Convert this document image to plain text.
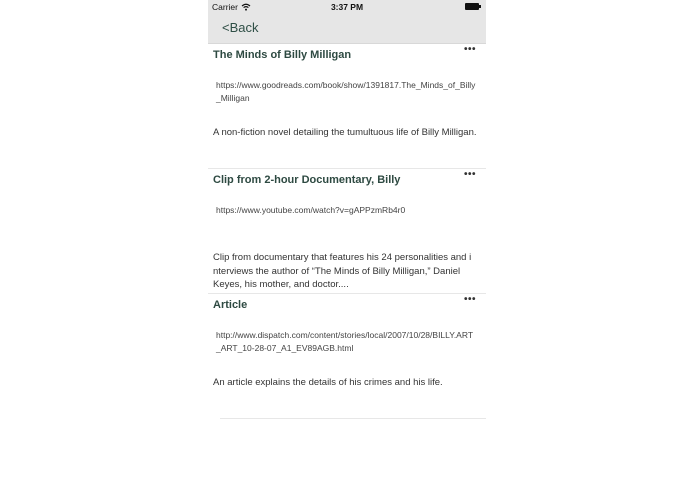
Carrier	3:37 PM
<Back
The Minds of Billy Milligan	•••
https://www.goodreads.com/book/show/1391817.The_Minds_of_Billy_Milligan
A non-fiction novel detailing the tumultuous life of Billy Milligan.
Clip from 2-hour Documentary, Billy	•••
https://www.youtube.com/watch?v=gAPPzmRb4r0
Clip from documentary that features his 24 personalities and i nterviews the author of “The Minds of Billy Milligan,” Daniel Keyes, his mother, and doctor....
Article	•••
http://www.dispatch.com/content/stories/local/2007/10/28/BILLY.ART_ART_10-28-07_A1_EV89AGB.html
An article explains the details of his crimes and his life.
